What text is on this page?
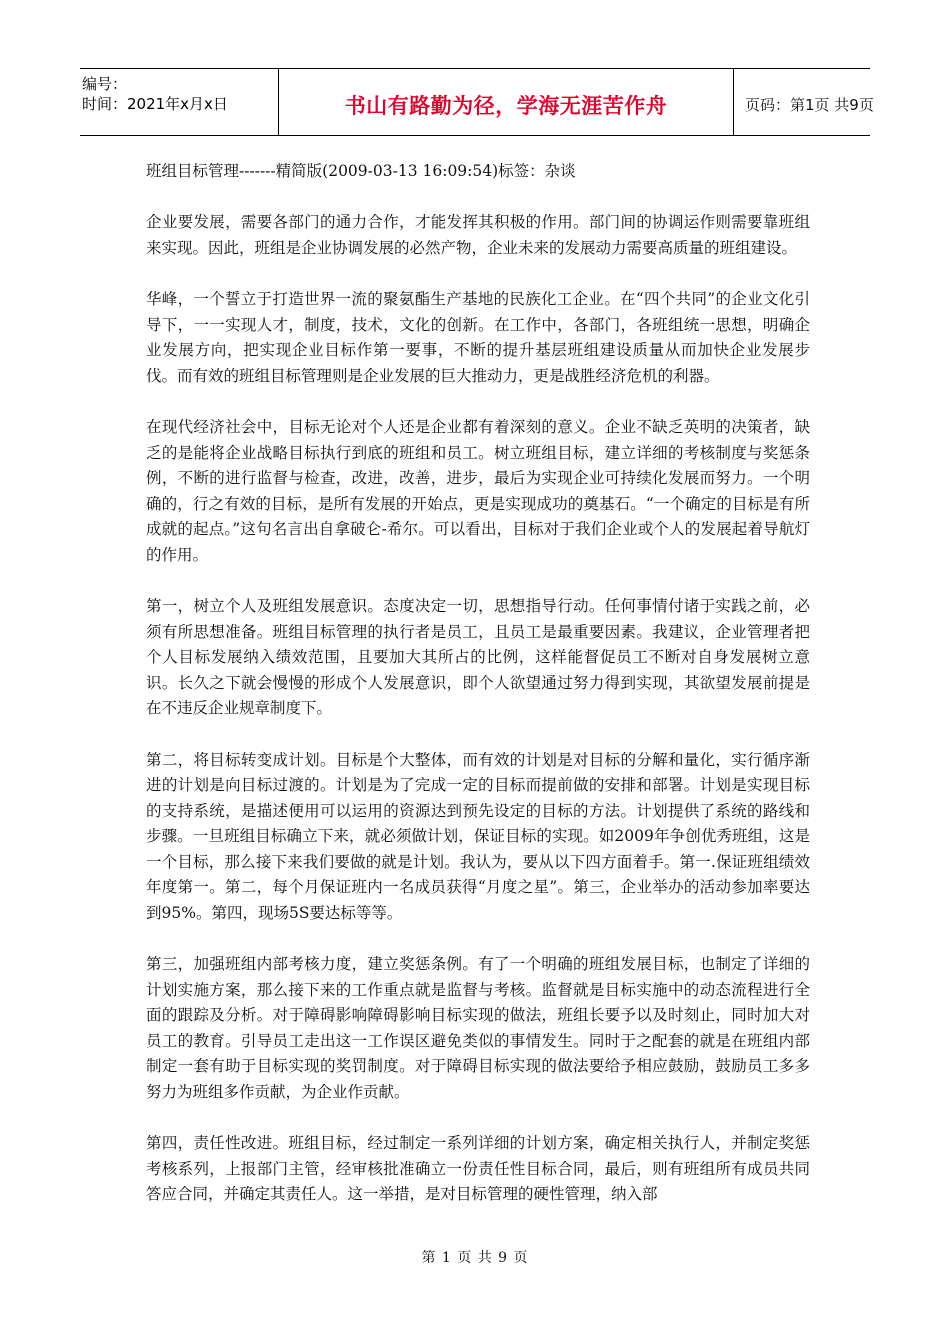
编号：
时间：2021年x月x日	书山有路勤为径，学海无涯苦作舟	页码：第1页 共9页
班组目标管理-------精简版(2009-03-13 16:09:54)标签：杂谈

企业要发展，需要各部门的通力合作，才能发挥其积极的作用。部门间的协调运作则需要靠班组来实现。因此，班组是企业协调发展的必然产物，企业未来的发展动力需要高质量的班组建设。

华峰，一个誓立于打造世界一流的聚氨酯生产基地的民族化工企业。在“四个共同”的企业文化引导下，一一实现人才，制度，技术，文化的创新。在工作中，各部门，各班组统一思想，明确企业发展方向，把实现企业目标作第一要事，不断的提升基层班组建设质量从而加快企业发展步伐。而有效的班组目标管理则是企业发展的巨大推动力，更是战胜经济危机的利器。

在现代经济社会中，目标无论对个人还是企业都有着深刻的意义。企业不缺乏英明的决策者，缺乏的是能将企业战略目标执行到底的班组和员工。树立班组目标，建立详细的考核制度与奖惩条例，不断的进行监督与检查，改进，改善，进步，最后为实现企业可持续化发展而努力。一个明确的，行之有效的目标，是所有发展的开始点，更是实现成功的奠基石。“一个确定的目标是有所成就的起点。”这句名言出自拿破仑-希尔。可以看出，目标对于我们企业或个人的发展起着导航灯的作用。

第一，树立个人及班组发展意识。态度决定一切，思想指导行动。任何事情付诸于实践之前，必须有所思想准备。班组目标管理的执行者是员工，且员工是最重要因素。我建议，企业管理者把个人目标发展纳入绩效范围，且要加大其所占的比例，这样能督促员工不断对自身发展树立意识。长久之下就会慢慢的形成个人发展意识，即个人欲望通过努力得到实现，其欲望发展前提是在不违反企业规章制度下。

第二，将目标转变成计划。目标是个大整体，而有效的计划是对目标的分解和量化，实行循序渐进的计划是向目标过渡的。计划是为了完成一定的目标而提前做的安排和部署。计划是实现目标的支持系统，是描述便用可以运用的资源达到预先设定的目标的方法。计划提供了系统的路线和步骤。一旦班组目标确立下来，就必须做计划，保证目标的实现。如2009年争创优秀班组，这是一个目标，那么接下来我们要做的就是计划。我认为，要从以下四方面着手。第一.保证班组绩效年度第一。第二，每个月保证班内一名成员获得“月度之星”。第三，企业举办的活动参加率要达到95%。第四，现场5S要达标等等。

第三，加强班组内部考核力度，建立奖惩条例。有了一个明确的班组发展目标，也制定了详细的计划实施方案，那么接下来的工作重点就是监督与考核。监督就是目标实施中的动态流程进行全面的跟踪及分析。对于障碍影响障碍影响目标实现的做法，班组长要予以及时刻止，同时加大对员工的教育。引导员工走出这一工作误区避免类似的事情发生。同时于之配套的就是在班组内部制定一套有助于目标实现的奖罚制度。对于障碍目标实现的做法要给予相应鼓励，鼓励员工多多努力为班组多作贡献，为企业作贡献。

第四，责任性改进。班组目标，经过制定一系列详细的计划方案，确定相关执行人，并制定奖惩考核系列，上报部门主管，经审核批准确立一份责任性目标合同，最后，则有班组所有成员共同答应合同，并确定其责任人。这一举措，是对目标管理的硬性管理，纳入部

第 1 页 共 9 页
